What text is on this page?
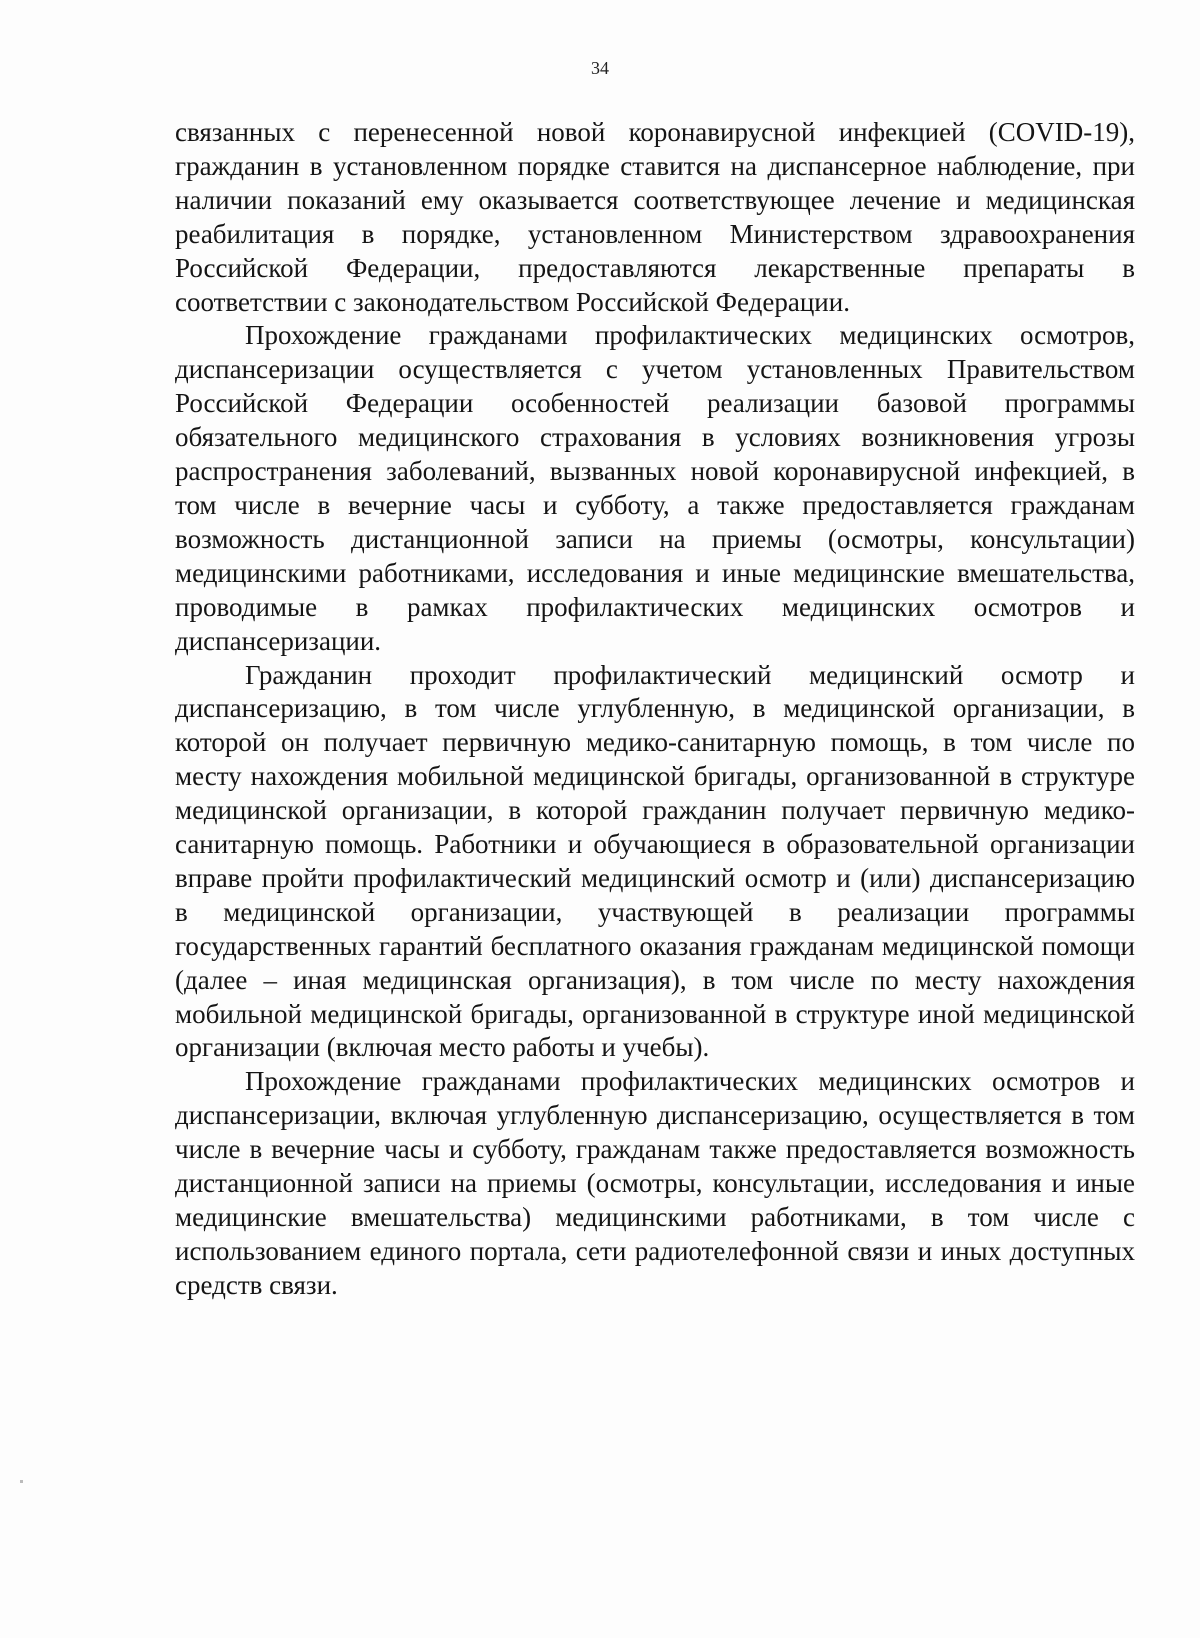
34

связанных с перенесенной новой коронавирусной инфекцией (COVID-19), гражданин в установленном порядке ставится на диспансерное наблюдение, при наличии показаний ему оказывается соответствующее лечение и медицинская реабилитация в порядке, установленном Министерством здравоохранения Российской Федерации, предоставляются лекарственные препараты в соответствии с законодательством Российской Федерации.

Прохождение гражданами профилактических медицинских осмотров, диспансеризации осуществляется с учетом установленных Правительством Российской Федерации особенностей реализации базовой программы обязательного медицинского страхования в условиях возникновения угрозы распространения заболеваний, вызванных новой коронавирусной инфекцией, в том числе в вечерние часы и субботу, а также предоставляется гражданам возможность дистанционной записи на приемы (осмотры, консультации) медицинскими работниками, исследования и иные медицинские вмешательства, проводимые в рамках профилактических медицинских осмотров и диспансеризации.

Гражданин проходит профилактический медицинский осмотр и диспансеризацию, в том числе углубленную, в медицинской организации, в которой он получает первичную медико-санитарную помощь, в том числе по месту нахождения мобильной медицинской бригады, организованной в структуре медицинской организации, в которой гражданин получает первичную медико-санитарную помощь. Работники и обучающиеся в образовательной организации вправе пройти профилактический медицинский осмотр и (или) диспансеризацию в медицинской организации, участвующей в реализации программы государственных гарантий бесплатного оказания гражданам медицинской помощи (далее – иная медицинская организация), в том числе по месту нахождения мобильной медицинской бригады, организованной в структуре иной медицинской организации (включая место работы и учебы).

Прохождение гражданами профилактических медицинских осмотров и диспансеризации, включая углубленную диспансеризацию, осуществляется в том числе в вечерние часы и субботу, гражданам также предоставляется возможность дистанционной записи на приемы (осмотры, консультации, исследования и иные медицинские вмешательства) медицинскими работниками, в том числе с использованием единого портала, сети радиотелефонной связи и иных доступных средств связи.
